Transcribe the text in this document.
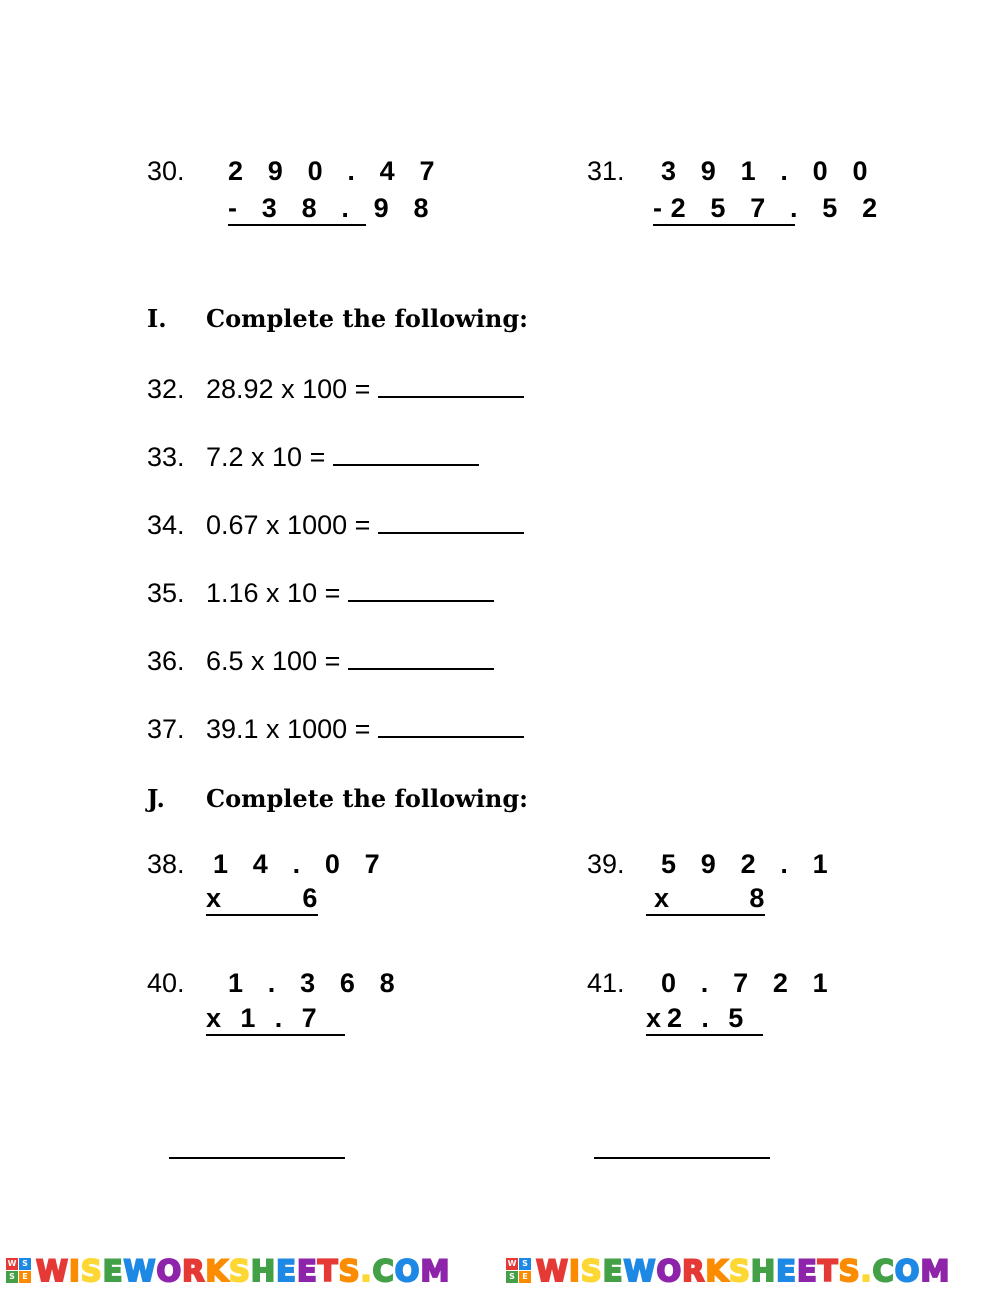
30. 2 9 0 . 4 7
- 3 8 . 9 8
31. 3 9 1 . 0 0
-2 5 7 . 5 2
I. Complete the following:
32. 28.92 x 100 =
33. 7.2 x 10 =
34. 0.67 x 1000 =
35. 1.16 x 10 =
36. 6.5 x 100 =
37. 39.1 x 1000 =
J. Complete the following:
38. 1 4 . 0 7

x

	6

39. 5 9 2 . 1

x

	8

40. 1 . 3 6 8
x 1 . 7
41. 0 . 7 2 1
x2 . 5
W S
S E WISEWORKSHEETS.COM	W S
S E WISEWORKSHEETS.COM
